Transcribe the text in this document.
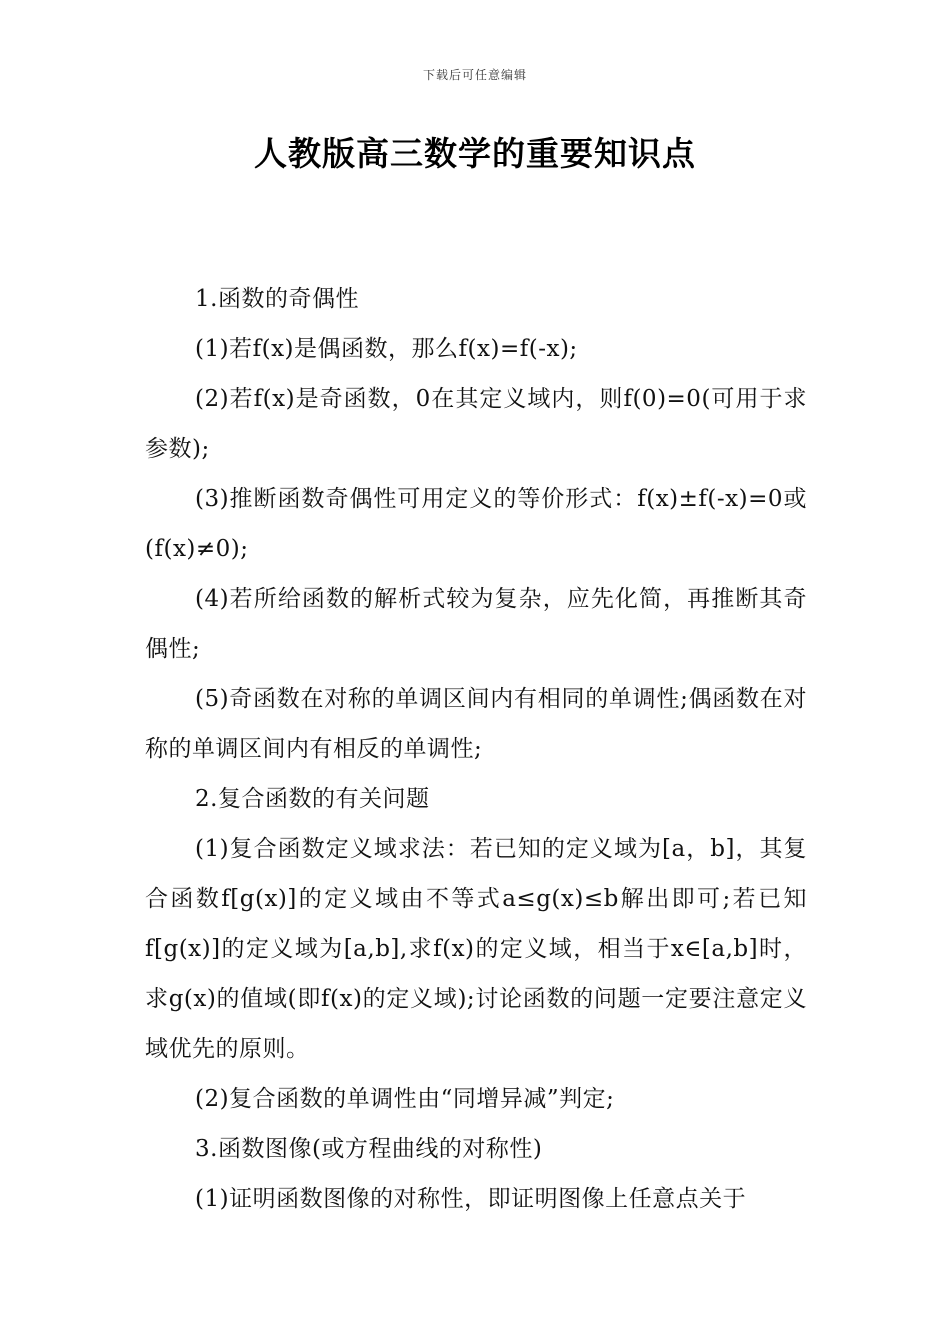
下载后可任意编辑
人教版高三数学的重要知识点

1.函数的奇偶性

(1)若f(x)是偶函数，那么f(x)=f(-x);

(2)若f(x)是奇函数，0在其定义域内，则f(0)=0(可用于求参数);

(3)推断函数奇偶性可用定义的等价形式：f(x)±f(-x)=0或(f(x)≠0);

(4)若所给函数的解析式较为复杂，应先化简，再推断其奇偶性;

(5)奇函数在对称的单调区间内有相同的单调性;偶函数在对称的单调区间内有相反的单调性;

2.复合函数的有关问题

(1)复合函数定义域求法：若已知的定义域为[a，b]，其复合函数f[g(x)]的定义域由不等式a≤g(x)≤b解出即可;若已知f[g(x)]的定义域为[a,b],求f(x)的定义域，相当于x∈[a,b]时，求g(x)的值域(即f(x)的定义域);讨论函数的问题一定要注意定义域优先的原则。

(2)复合函数的单调性由“同增异减”判定;

3.函数图像(或方程曲线的对称性)

(1)证明函数图像的对称性，即证明图像上任意点关于
